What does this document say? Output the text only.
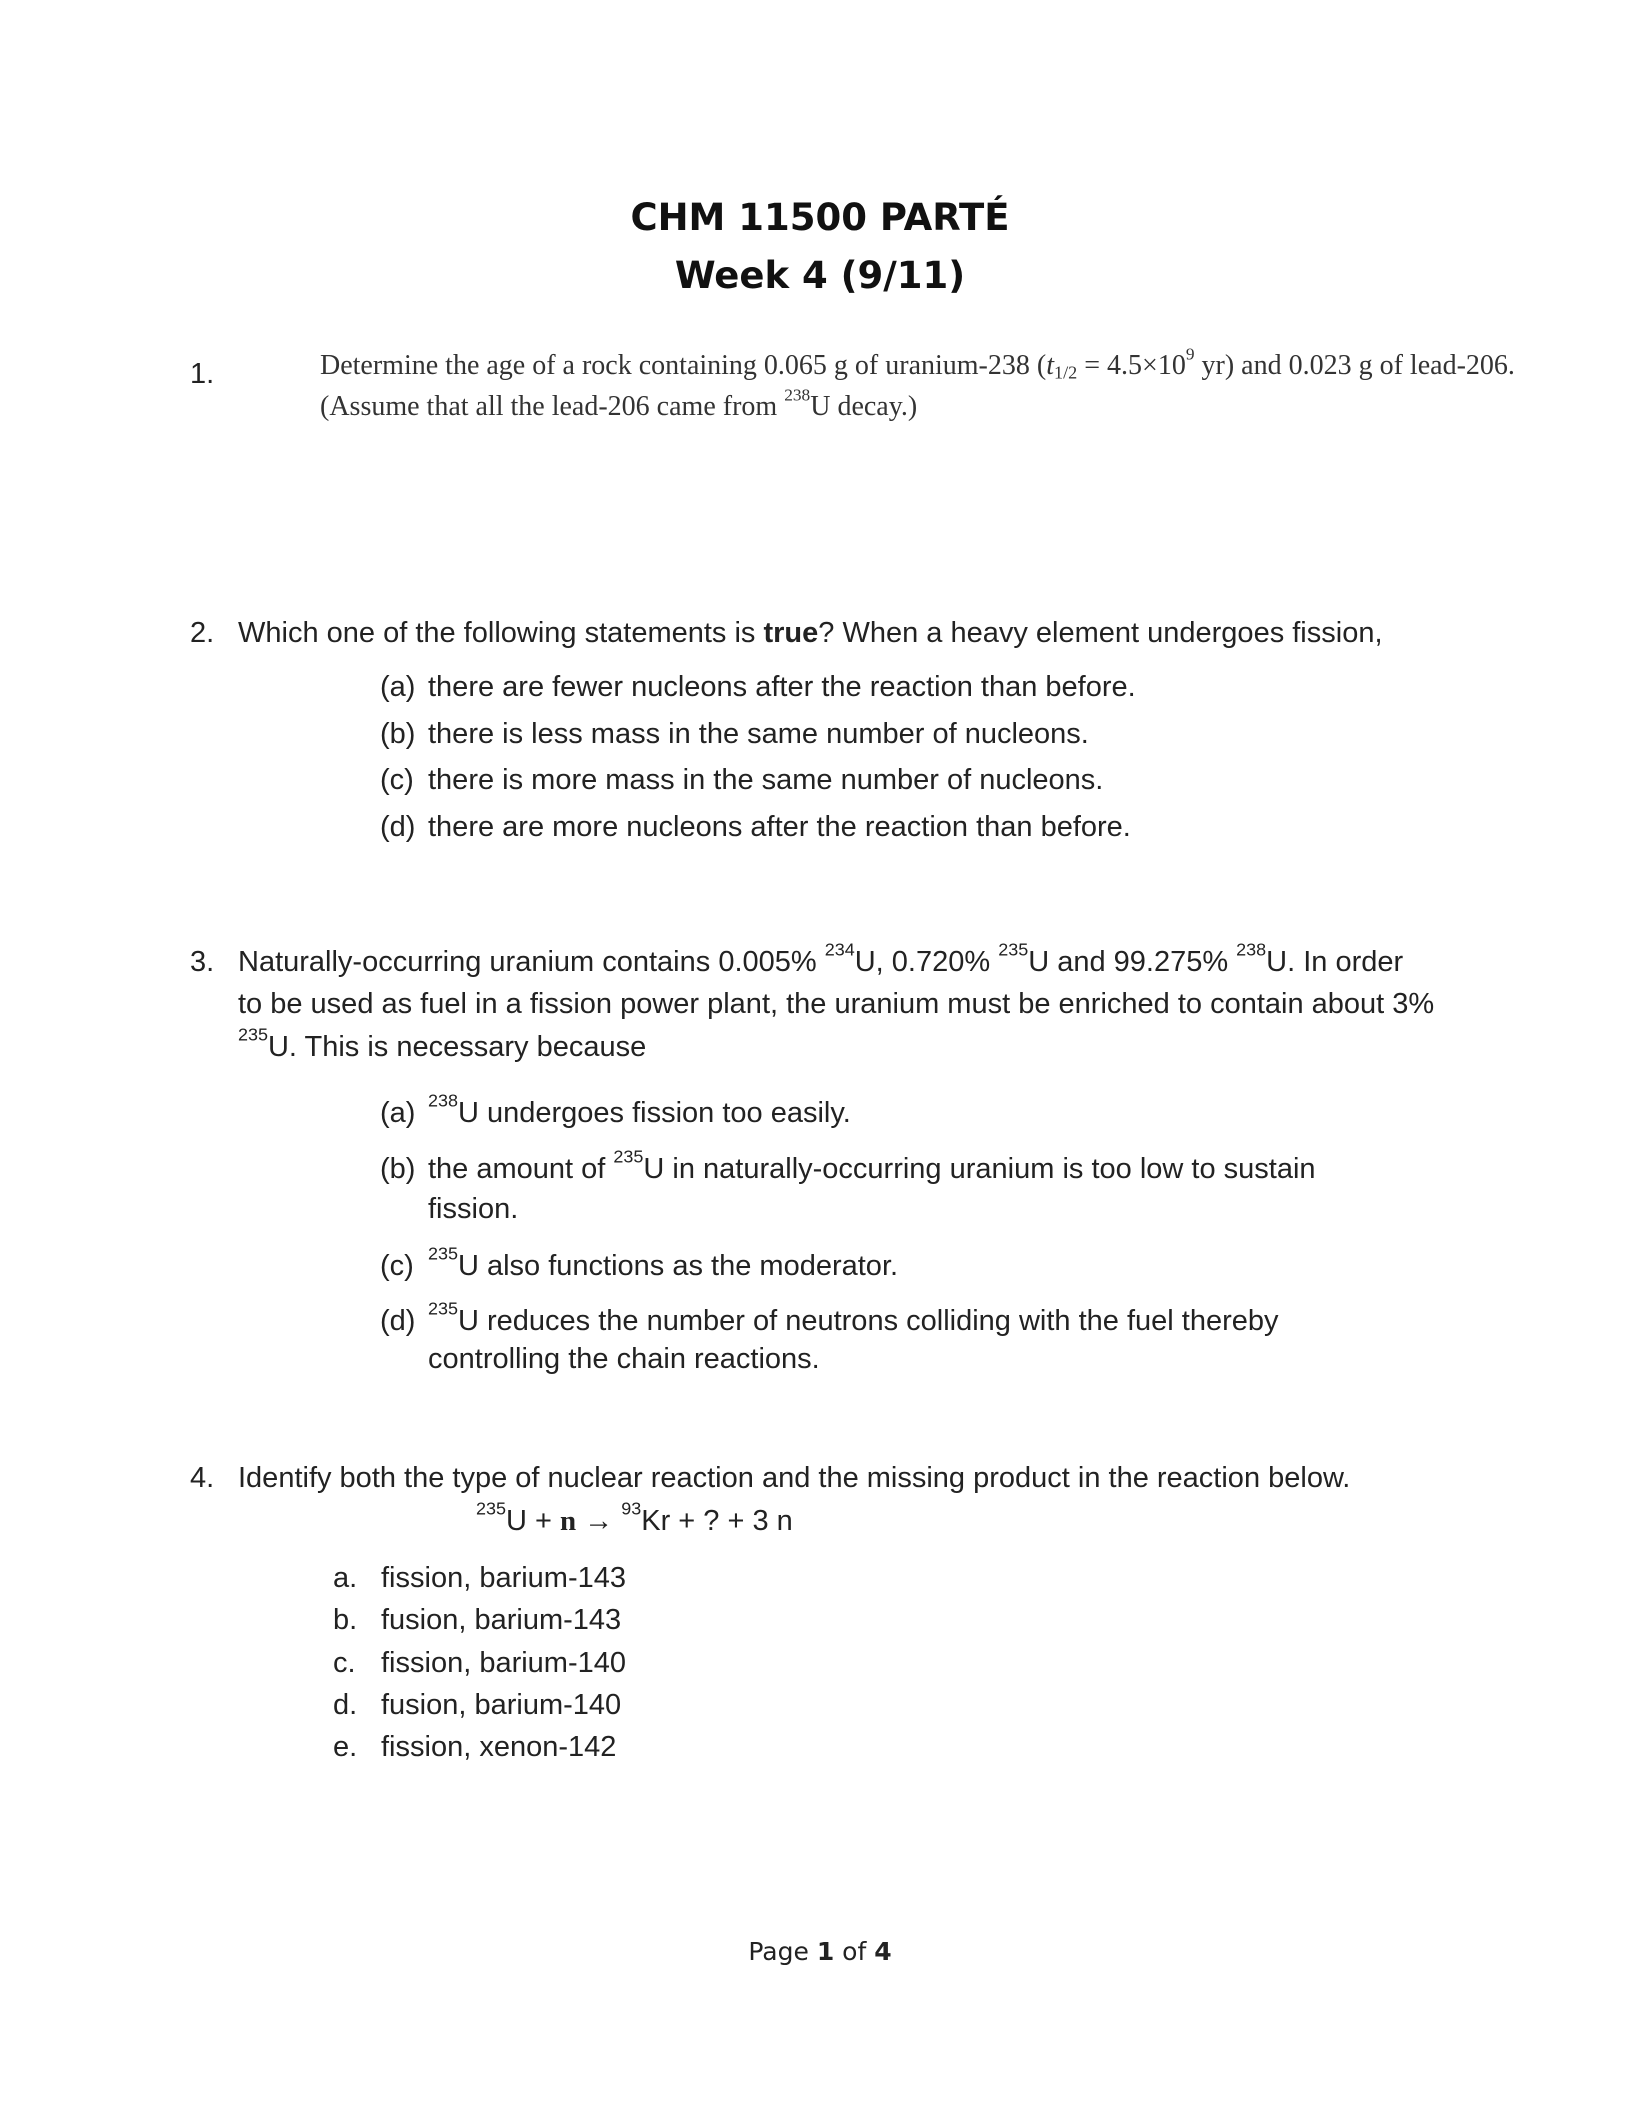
CHM 11500 PARTÉ
Week 4 (9/11)
1.	Determine the age of a rock containing 0.065 g of uranium-238 ($t_{1/2} = 4.5\times 10^9$ yr) and 0.023 g of lead-206.
(Assume that all the lead-206 came from $^{238}$U decay.)
2. Which one of the following statements is true? When a heavy element undergoes fission,
(a) there are fewer nucleons after the reaction than before.
(b) there is less mass in the same number of nucleons.
(c) there is more mass in the same number of nucleons.
(d) there are more nucleons after the reaction than before.
3. Naturally-occurring uranium contains 0.005% $^{234}$U, 0.720% $^{235}$U and 99.275% $^{238}$U. In order
to be used as fuel in a fission power plant, the uranium must be enriched to contain about 3%
$^{235}$U. This is necessary because
(a) $^{238}$U undergoes fission too easily.
(b) the amount of $^{235}$U in naturally-occurring uranium is too low to sustain
fission.
(c) $^{235}$U also functions as the moderator.
(d) $^{235}$U reduces the number of neutrons colliding with the fuel thereby
controlling the chain reactions.
4. Identify both the type of nuclear reaction and the missing product in the reaction below.
$^{235}$U + n → $^{93}$Kr + ? + 3 n
a. fission, barium-143
b. fusion, barium-143
c. fission, barium-140
d. fusion, barium-140
e. fission, xenon-142
Page 1 of 4
